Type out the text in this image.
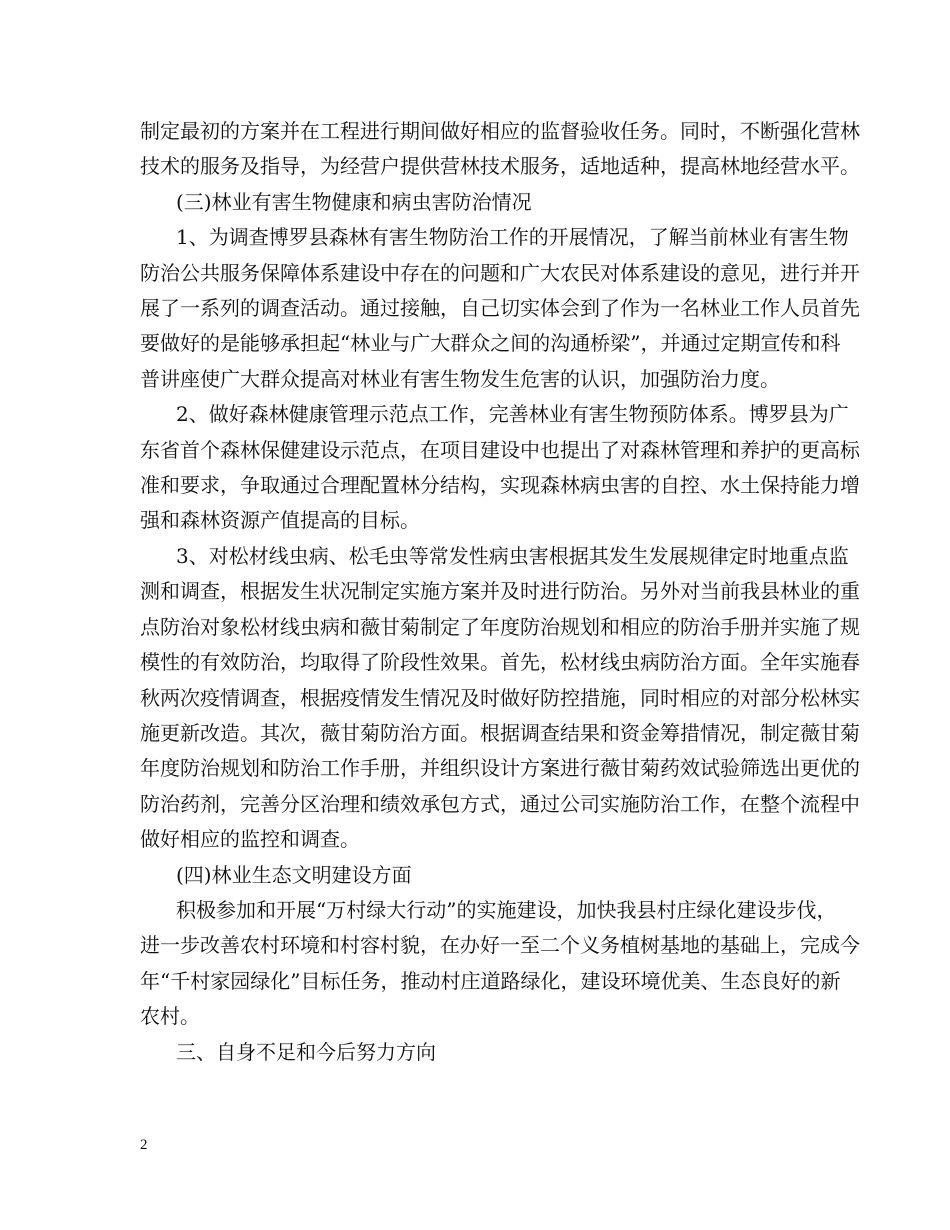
制定最初的方案并在工程进行期间做好相应的监督验收任务。同时，不断强化营林
技术的服务及指导，为经营户提供营林技术服务，适地适种，提高林地经营水平。
(三)林业有害生物健康和病虫害防治情况
1、为调查博罗县森林有害生物防治工作的开展情况，了解当前林业有害生物
防治公共服务保障体系建设中存在的问题和广大农民对体系建设的意见，进行并开
展了一系列的调查活动。通过接触，自己切实体会到了作为一名林业工作人员首先
要做好的是能够承担起“林业与广大群众之间的沟通桥梁”，并通过定期宣传和科
普讲座使广大群众提高对林业有害生物发生危害的认识，加强防治力度。
2、做好森林健康管理示范点工作，完善林业有害生物预防体系。博罗县为广
东省首个森林保健建设示范点，在项目建设中也提出了对森林管理和养护的更高标
准和要求，争取通过合理配置林分结构，实现森林病虫害的自控、水土保持能力增
强和森林资源产值提高的目标。
3、对松材线虫病、松毛虫等常发性病虫害根据其发生发展规律定时地重点监
测和调查，根据发生状况制定实施方案并及时进行防治。另外对当前我县林业的重
点防治对象松材线虫病和薇甘菊制定了年度防治规划和相应的防治手册并实施了规
模性的有效防治，均取得了阶段性效果。首先，松材线虫病防治方面。全年实施春
秋两次疫情调查，根据疫情发生情况及时做好防控措施，同时相应的对部分松林实
施更新改造。其次，薇甘菊防治方面。根据调查结果和资金筹措情况，制定薇甘菊
年度防治规划和防治工作手册，并组织设计方案进行薇甘菊药效试验筛选出更优的
防治药剂，完善分区治理和绩效承包方式，通过公司实施防治工作，在整个流程中
做好相应的监控和调查。
(四)林业生态文明建设方面
积极参加和开展“万村绿大行动”的实施建设，加快我县村庄绿化建设步伐，
进一步改善农村环境和村容村貌，在办好一至二个义务植树基地的基础上，完成今
年“千村家园绿化”目标任务，推动村庄道路绿化，建设环境优美、生态良好的新
农村。
三、自身不足和今后努力方向
2
